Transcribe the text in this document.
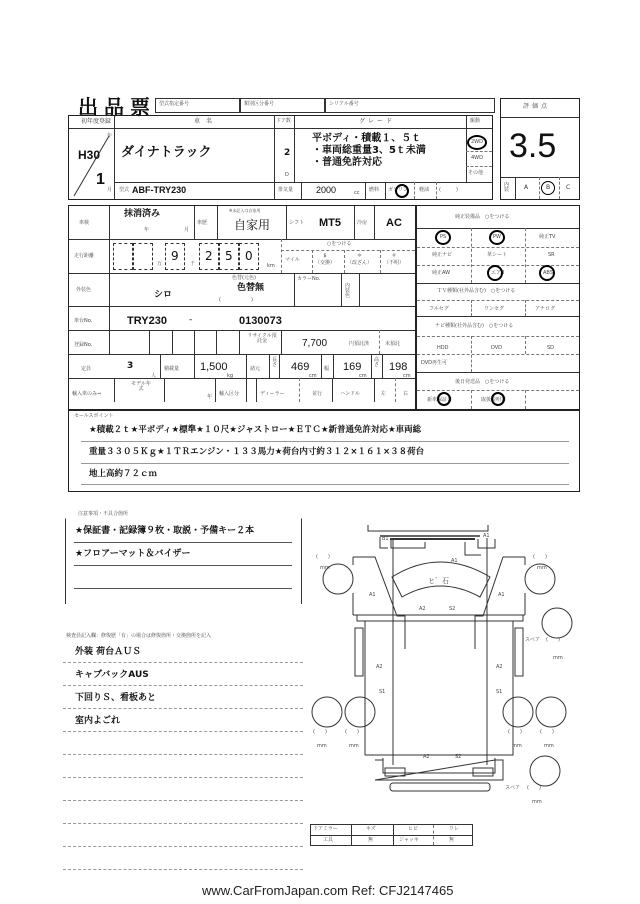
出品票 型式指定番号	類別区分番号	シリアル番号	評価点
3.5
内装	A	B	C
初年度登録
年
H30
1
月
車　名
ダイナトラック
型式 ABF-TRY230
ドア数
2
D
グレード
平ボディ・積載１、５ｔ
・車両総重量3、5ｔ未満
・普通免許対応
駆動
2WD
4WD
その他
排気量	2000	cc 燃料 ガソリン 軽油 (　　　)
車検
抹消済み
年	月
車歴
※未記入は自家用
自家用	シフト MT5	冷房 AC
走行距離
万
9
千
2 5 0
km
○をつける
マイル
$
（交換）
＊
（改ざん）
＃
（不明）
外装色	シロ
色替(元色)
色替無
(　　　　　　)
カラーNo.
内装色
車台No.	TRY230 -	0130073
登録No.
リサイクル預託金	7,700	円預託済	未預託
定員	3
人
積載量 1,500
kg
諸元
長さ 469
cm
幅 169
cm
高さ 198
cm
輸入車のみ⇒
モデル年式
年 輸入区分	ディーラー	並行	ハンドル	左	右
純正装備品　○をつける
PS	PW	純正TV
純正ナビ	革シート	SR
純正AW	エアB	ABS
ＴＶ種類(社外品含む)　○をつける
フルセグ	ワンセグ	アナログ
ナビ種類(社外品含む)　○をつける
HDD	DVD	SD
DVD再生可
後日発送品　○をつける
新車保証書	取扱説明書
セールスポイント
★積載２ｔ★平ボディ★標準★１０尺★ジャストロー★ＥＴＣ★新普通免許対応★車両総
重量３３０５Ｋｇ★１ＴＲエンジン・１３３馬力★荷台内寸約３１２×１６１×３８荷台
地上高約７２ｃｍ
注意事項・不具合箇所
★保証書・記録簿９枚・取説・予備キー２本
★フロアーマット＆バイザー
検査員記入欄：修復歴「有」の場合は修復箇所・交換箇所を記入
外装 荷台ＡＵＳ
キャブバックAUS
下回りＳ、看板あと
室内よごれ
B1	A1
A1
A1	A1
ヒ゛石
A2	S2
A2
S1
A2
S1
A2	S2
(　　)
mm
(　　)
mm
スペア (　　)
mm
(　　)
mm
(　　)
mm
(　　)
mm
(　　)
mm
スペア (　　)
mm
ドアミラー	キズ	ヒビ	ワレ
工具	無	ジャッキ	無
www.CarFromJapan.com Ref: CFJ2147465
